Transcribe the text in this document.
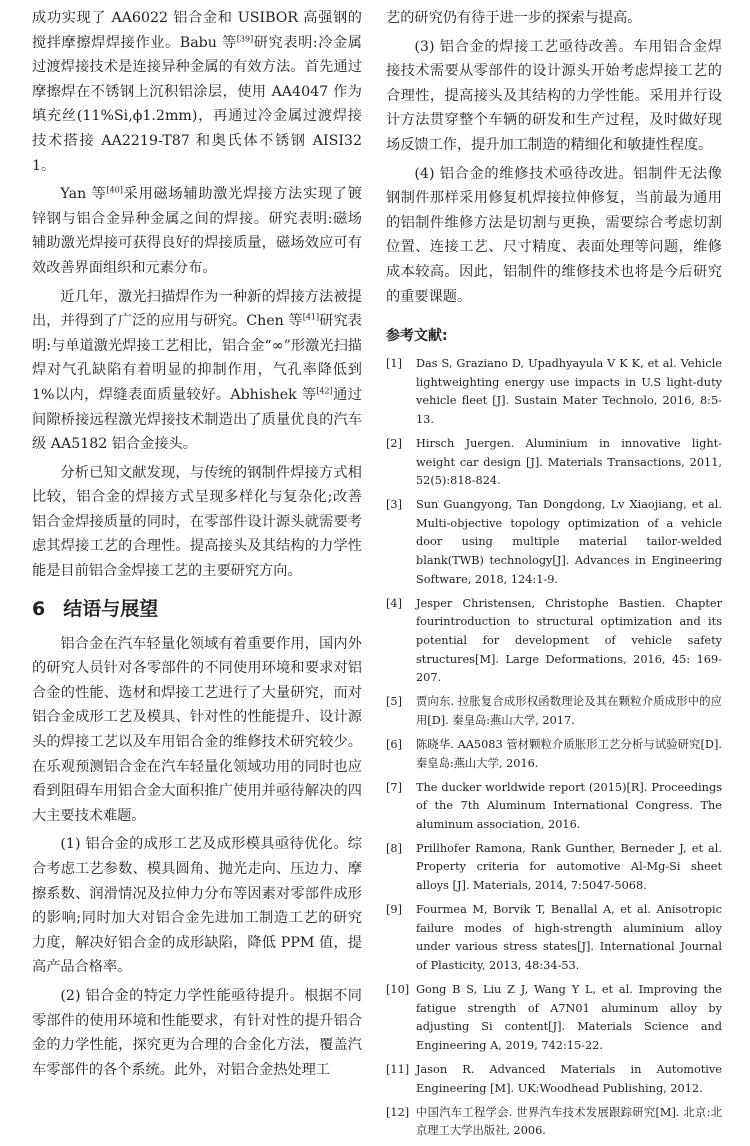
成功实现了 AA6022 铝合金和 USIBOR 高强钢的搅拌摩擦焊焊接作业。Babu 等[39]研究表明:冷金属过渡焊接技术是连接异种金属的有效方法。首先通过摩擦焊在不锈钢上沉积铝涂层，使用 AA4047 作为填充丝(11%Si,ϕ1.2mm)，再通过冷金属过渡焊接技术搭接 AA2219-T87 和奥氏体不锈钢 AISI321。

Yan 等[40]采用磁场辅助激光焊接方法实现了镀锌钢与铝合金异种金属之间的焊接。研究表明:磁场辅助激光焊接可获得良好的焊接质量，磁场效应可有效改善界面组织和元素分布。

近几年，激光扫描焊作为一种新的焊接方法被提出，并得到了广泛的应用与研究。Chen 等[41]研究表明:与单道激光焊接工艺相比，铝合金“∞”形激光扫描焊对气孔缺陷有着明显的抑制作用，气孔率降低到 1%以内，焊缝表面质量较好。Abhishek 等[42]通过间隙桥接远程激光焊接技术制造出了质量优良的汽车级 AA5182 铝合金接头。

分析已知文献发现，与传统的钢制件焊接方式相比较，铝合金的焊接方式呈现多样化与复杂化;改善铝合金焊接质量的同时，在零部件设计源头就需要考虑其焊接工艺的合理性。提高接头及其结构的力学性能是目前铝合金焊接工艺的主要研究方向。

6 结语与展望

铝合金在汽车轻量化领域有着重要作用，国内外的研究人员针对各零部件的不同使用环境和要求对铝合金的性能、选材和焊接工艺进行了大量研究，而对铝合金成形工艺及模具、针对性的性能提升、设计源头的焊接工艺以及车用铝合金的维修技术研究较少。在乐观预测铝合金在汽车轻量化领域功用的同时也应看到阻碍车用铝合金大面积推广使用并亟待解决的四大主要技术难题。

(1) 铝合金的成形工艺及成形模具亟待优化。综合考虑工艺参数、模具圆角、抛光走向、压边力、摩擦系数、润滑情况及拉伸力分布等因素对零部件成形的影响;同时加大对铝合金先进加工制造工艺的研究力度，解决好铝合金的成形缺陷，降低 PPM 值，提高产品合格率。

(2) 铝合金的特定力学性能亟待提升。根据不同零部件的使用环境和性能要求，有针对性的提升铝合金的力学性能，探究更为合理的合金化方法，覆盖汽车零部件的各个系统。此外，对铝合金热处理工

艺的研究仍有待于进一步的探索与提高。

(3) 铝合金的焊接工艺亟待改善。车用铝合金焊接技术需要从零部件的设计源头开始考虑焊接工艺的合理性，提高接头及其结构的力学性能。采用并行设计方法贯穿整个车辆的研发和生产过程，及时做好现场反馈工作，提升加工制造的精细化和敏捷性程度。

(4) 铝合金的维修技术亟待改进。铝制件无法像钢制件那样采用修复机焊接拉伸修复，当前最为通用的铝制件维修方法是切割与更换，需要综合考虑切割位置、连接工艺、尺寸精度、表面处理等问题，维修成本较高。因此，铝制件的维修技术也将是今后研究的重要课题。

参考文献:
[1]	Das S, Graziano D, Upadhyayula V K K, et al. Vehicle lightweighting energy use impacts in U.S light-duty vehicle fleet [J]. Sustain Mater Technolo, 2016, 8:5-13.
[2]	Hirsch Juergen. Aluminium in innovative light-weight car design [J]. Materials Transactions, 2011, 52(5):818-824.
[3]	Sun Guangyong, Tan Dongdong, Lv Xiaojiang, et al. Multi-objective topology optimization of a vehicle door using multiple material tailor-welded blank(TWB) technology[J]. Advances in Engineering Software, 2018, 124:1-9.
[4]	Jesper Christensen, Christophe Bastien. Chapter fourintroduction to structural optimization and its potential for development of vehicle safety structures[M]. Large Deformations, 2016, 45: 169-207.
[5]	贾向东. 拉胀复合成形权函数理论及其在颗粒介质成形中的应用[D]. 秦皇岛:燕山大学, 2017.
[6]	陈晓华. AA5083 管材颗粒介质胀形工艺分析与试验研究[D]. 秦皇岛:燕山大学, 2016.
[7]	The ducker worldwide report (2015)[R]. Proceedings of the 7th Aluminum International Congress. The aluminum association, 2016.
[8]	Prillhofer Ramona, Rank Gunther, Berneder J, et al. Property criteria for automotive Al-Mg-Si sheet alloys [J]. Materials, 2014, 7:5047-5068.
[9]	Fourmea M, Borvik T, Benallal A, et al. Anisotropic failure modes of high-strength aluminium alloy under various stress states[J]. International Journal of Plasticity, 2013, 48:34-53.
[10] Gong B S, Liu Z J, Wang Y L, et al. Improving the fatigue strength of A7N01 aluminum alloy by adjusting Si content[J]. Materials Science and Engineering A, 2019, 742:15-22.
[11] Jason R. Advanced Materials in Automotive Engineering [M]. UK:Woodhead Publishing, 2012.
[12] 中国汽车工程学会. 世界汽车技术发展跟踪研究[M]. 北京:北京理工大学出版社, 2006.
